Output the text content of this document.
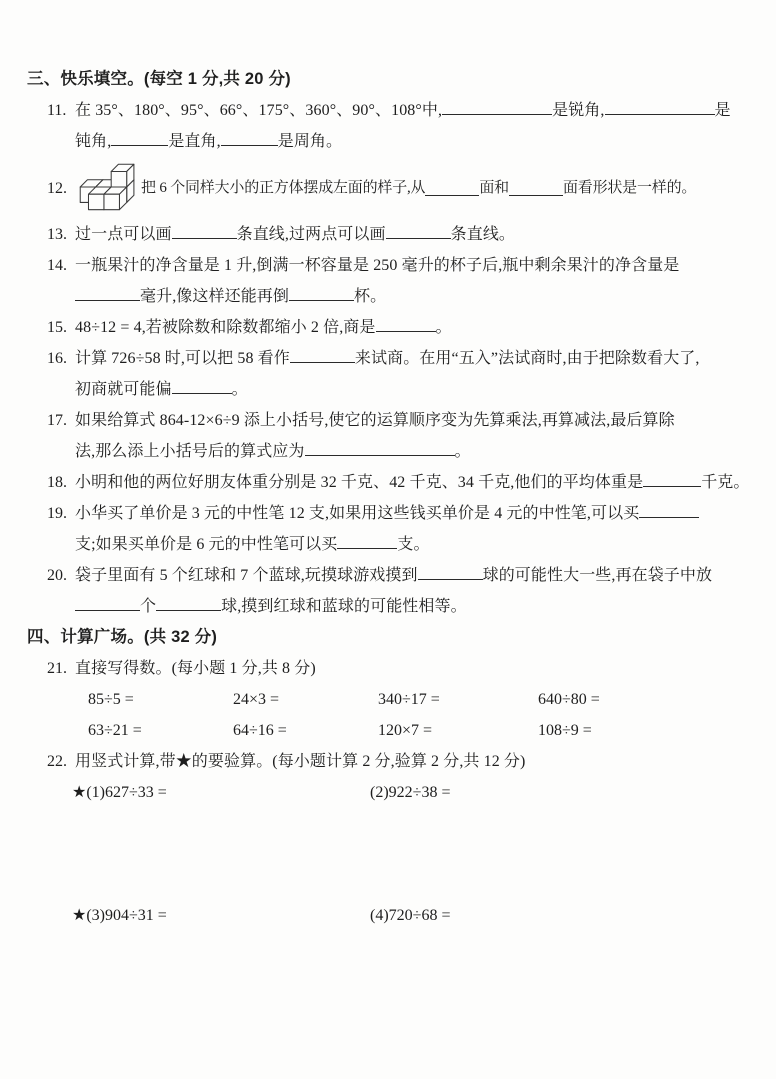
三、快乐填空。(每空 1 分,共 20 分)
11. 在 35°、180°、95°、66°、175°、360°、90°、108°中,	是锐角,	是
钝角,	是直角,	是周角。
12.	把 6 个同样大小的正方体摆成左面的样子,从	面和	面看形状是一样的。
13. 过一点可以画	条直线,过两点可以画	条直线。
14. 一瓶果汁的净含量是 1 升,倒满一杯容量是 250 毫升的杯子后,瓶中剩余果汁的净含量是
毫升,像这样还能再倒	杯。
15. 48÷12 = 4,若被除数和除数都缩小 2 倍,商是	。
16. 计算 726÷58 时,可以把 58 看作	来试商。在用“五入”法试商时,由于把除数看大了,
初商就可能偏	。
17. 如果给算式 864-12×6÷9 添上小括号,使它的运算顺序变为先算乘法,再算减法,最后算除
法,那么添上小括号后的算式应为	。
18. 小明和他的两位好朋友体重分别是 32 千克、42 千克、34 千克,他们的平均体重是	千克。
19. 小华买了单价是 3 元的中性笔 12 支,如果用这些钱买单价是 4 元的中性笔,可以买
支;如果买单价是 6 元的中性笔可以买	支。
20. 袋子里面有 5 个红球和 7 个蓝球,玩摸球游戏摸到	球的可能性大一些,再在袋子中放
个	球,摸到红球和蓝球的可能性相等。
四、计算广场。(共 32 分)
21. 直接写得数。(每小题 1 分,共 8 分)
85÷5 =	24×3 =	340÷17 =	640÷80 =
63÷21 =	64÷16 =	120×7 =	108÷9 =
22. 用竖式计算,带★的要验算。(每小题计算 2 分,验算 2 分,共 12 分)
★(1)627÷33 =	(2)922÷38 =
★(3)904÷31 =	(4)720÷68 =
